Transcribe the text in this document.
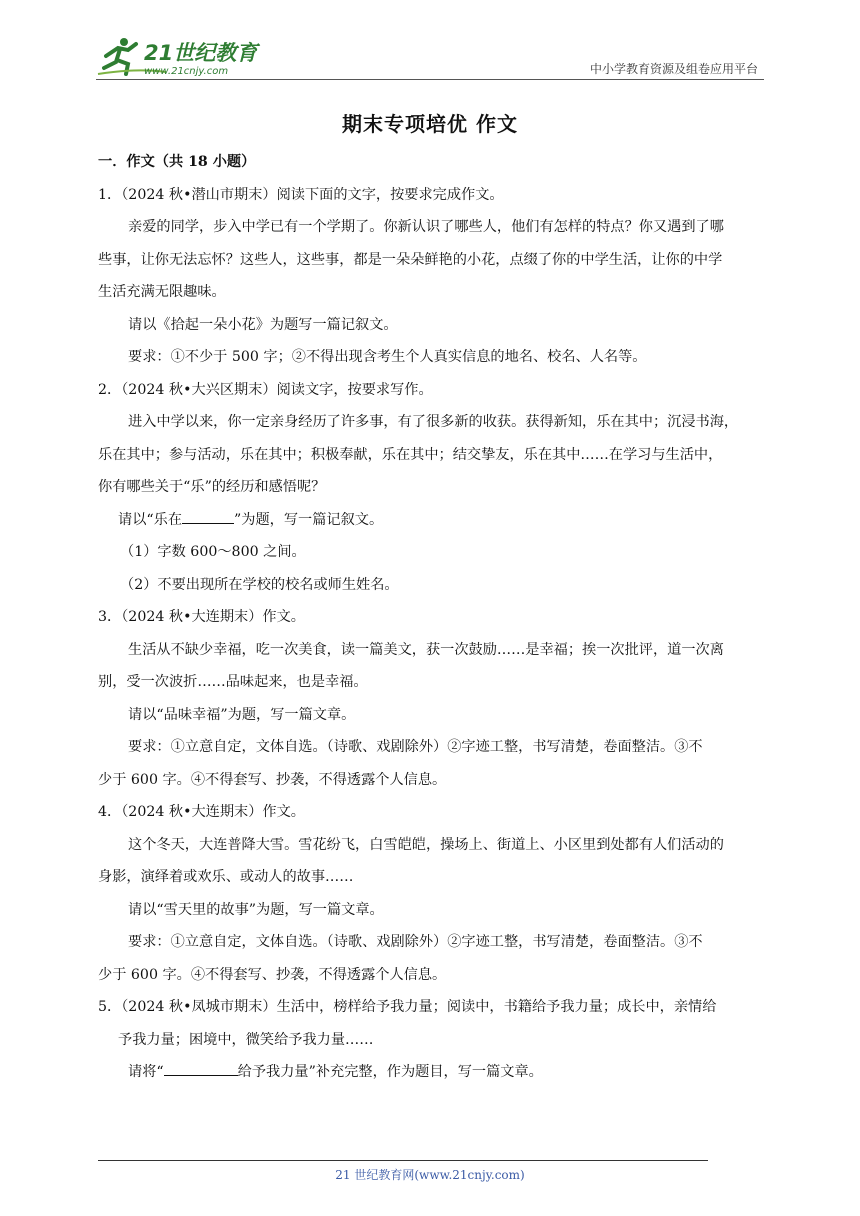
21世纪教育
www.21cnjy.com	中小学教育资源及组卷应用平台
期末专项培优 作文
一．作文（共 18 小题）
1．（2024 秋•潜山市期末）阅读下面的文字，按要求完成作文。
亲爱的同学，步入中学已有一个学期了。你新认识了哪些人，他们有怎样的特点？你又遇到了哪
些事，让你无法忘怀？这些人，这些事，都是一朵朵鲜艳的小花，点缀了你的中学生活，让你的中学
生活充满无限趣味。
请以《拾起一朵小花》为题写一篇记叙文。
要求：①不少于 500 字；②不得出现含考生个人真实信息的地名、校名、人名等。
2．（2024 秋•大兴区期末）阅读文字，按要求写作。
进入中学以来，你一定亲身经历了许多事，有了很多新的收获。获得新知，乐在其中；沉浸书海，
乐在其中；参与活动，乐在其中；积极奉献，乐在其中；结交挚友，乐在其中……在学习与生活中，
你有哪些关于“乐”的经历和感悟呢？
请以“乐在	”为题，写一篇记叙文。
（1）字数 600～800 之间。
（2）不要出现所在学校的校名或师生姓名。
3．（2024 秋•大连期末）作文。
生活从不缺少幸福，吃一次美食，读一篇美文，获一次鼓励……是幸福；挨一次批评，道一次离
别，受一次波折……品味起来，也是幸福。
请以“品味幸福”为题，写一篇文章。
要求：①立意自定，文体自选。（诗歌、戏剧除外）②字迹工整，书写清楚，卷面整洁。③不
少于 600 字。④不得套写、抄袭，不得透露个人信息。
4．（2024 秋•大连期末）作文。
这个冬天，大连普降大雪。雪花纷飞，白雪皑皑，操场上、街道上、小区里到处都有人们活动的
身影，演绎着或欢乐、或动人的故事……
请以“雪天里的故事”为题，写一篇文章。
要求：①立意自定，文体自选。（诗歌、戏剧除外）②字迹工整，书写清楚，卷面整洁。③不
少于 600 字。④不得套写、抄袭，不得透露个人信息。
5．（2024 秋•凤城市期末）生活中，榜样给予我力量；阅读中，书籍给予我力量；成长中，亲情给
予我力量；困境中，微笑给予我力量……
请将“	给予我力量”补充完整，作为题目，写一篇文章。
21 世纪教育网(www.21cnjy.com)
